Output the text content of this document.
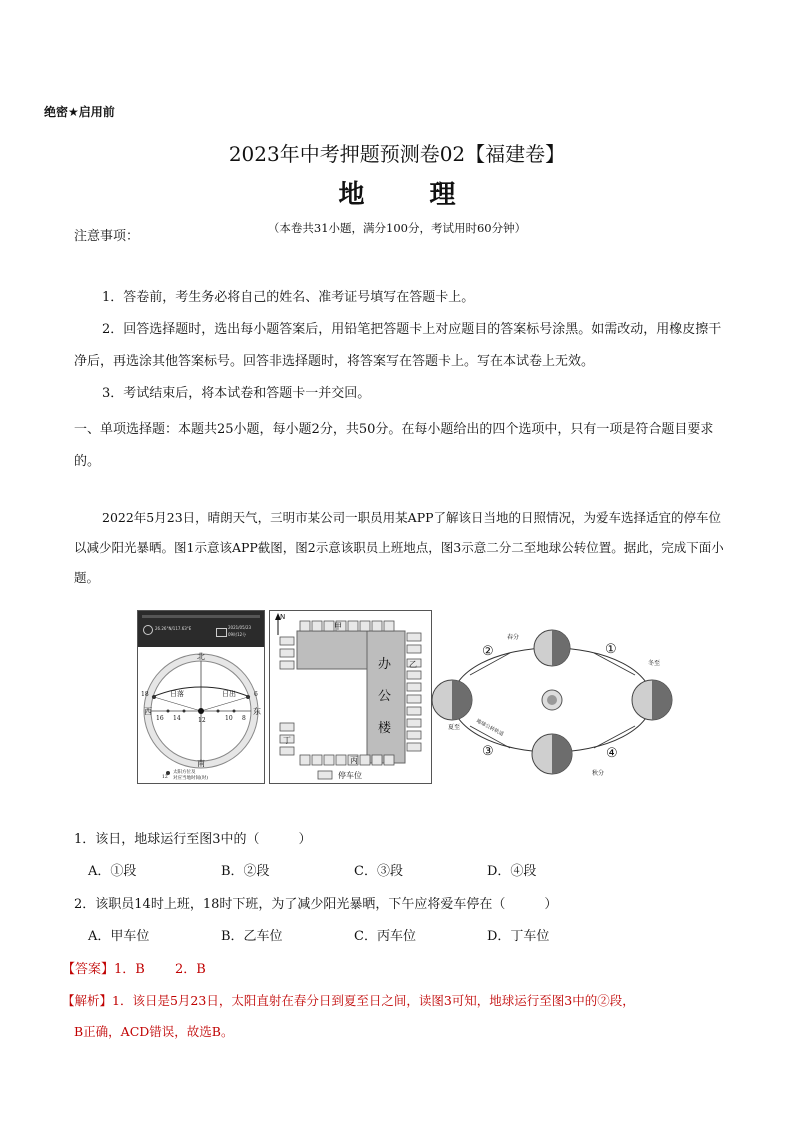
绝密★启用前
2023年中考押题预测卷02【福建卷】
地 理
（本卷共31小题，满分100分，考试用时60分钟）
注意事项：
1．答卷前，考生务必将自己的姓名、准考证号填写在答题卡上。
2．回答选择题时，选出每小题答案后，用铅笔把答题卡上对应题目的答案标号涂黑。如需改动，用橡皮擦干净后，再选涂其他答案标号。回答非选择题时，将答案写在答题卡上。写在本试卷上无效。
3．考试结束后，将本试卷和答题卡一并交回。
一、单项选择题：本题共25小题，每小题2分，共50分。在每小题给出的四个选项中，只有一项是符合题目要求的。
2022年5月23日，晴朗天气，三明市某公司一职员用某APP了解该日当地的日照情况，为爱车选择适宜的停车位以减少阳光暴晒。图1示意该APP截图，图2示意该职员上班地点，图3示意二分二至地球公转位置。据此，完成下面小题。
26.26°N/117.63°E	2021/05/23
09时12分
北
南
西	东
日落	日出
18
16 14	12	10 8
6
太阳方位及
12 对应当地时间(时)
N
办
公
楼
甲
乙
丙
丁
停车位
春分
冬至
夏至
秋分
①
②
③	④
地球公转轨道
1．该日，地球运行至图3中的（　　　）
A．①段	B．②段	C．③段	D．④段
2．该职员14时上班，18时下班，为了减少阳光暴晒，下午应将爱车停在（　　　）
A．甲车位	B．乙车位	C．丙车位	D．丁车位
【答案】1．B　　 2．B
【解析】1．该日是5月23日，太阳直射在春分日到夏至日之间，读图3可知，地球运行至图3中的②段，
B正确，ACD错误，故选B。
